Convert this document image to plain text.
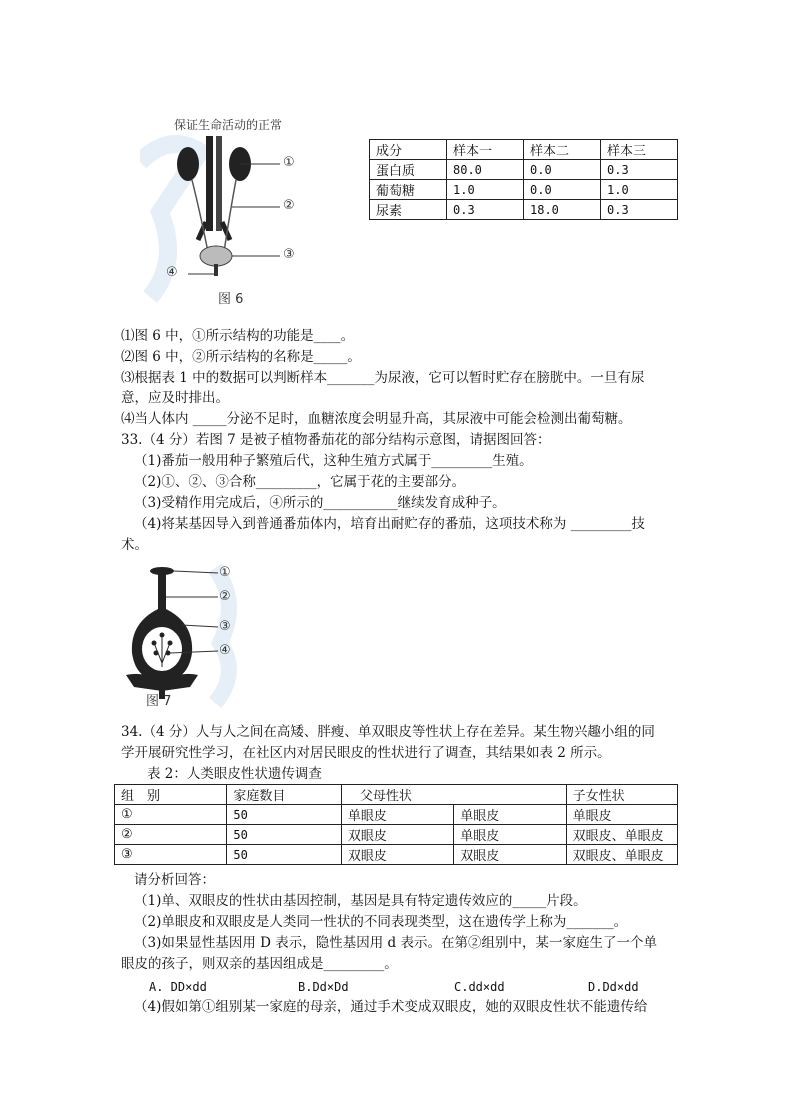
保证生命活动的正常
①
②
③
④
图 6
成分	样本一	样本二	样本三
蛋白质	80.0	0.0	0.3
葡萄糖	1.0	0.0	1.0
尿素	0.3	18.0	0.3
⑴图 6 中，①所示结构的功能是____。
⑵图 6 中，②所示结构的名称是_____。
⑶根据表 1 中的数据可以判断样本_______为尿液，它可以暂时贮存在膀胱中。一旦有尿
意，应及时排出。
⑷当人体内 _____分泌不足时，血糖浓度会明显升高，其尿液中可能会检测出葡萄糖。
33.（4 分）若图 7 是被子植物番茄花的部分结构示意图，请据图回答：
（1)番茄一般用种子繁殖后代，这种生殖方式属于_________生殖。
（2)①、②、③合称_________，它属于花的主要部分。
（3)受精作用完成后，④所示的___________继续发育成种子。
（4)将某基因导入到普通番茄体内，培育出耐贮存的番茄，这项技术称为 _________技
术。
①
②
③
④
图 7
34.（4 分）人与人之间在高矮、胖瘦、单双眼皮等性状上存在差异。某生物兴趣小组的同
学开展研究性学习，在社区内对居民眼皮的性状进行了调查，其结果如表 2 所示。
表 2：人类眼皮性状遗传调查
组　别	家庭数目	父母性状		子女性状
①	50	单眼皮	单眼皮	单眼皮
②	50	双眼皮	单眼皮	双眼皮、单眼皮
③	50	双眼皮	双眼皮	双眼皮、单眼皮
请分析回答：
（1)单、双眼皮的性状由基因控制，基因是具有特定遗传效应的_____片段。
（2)单眼皮和双眼皮是人类同一性状的不同表现类型，这在遗传学上称为_______。
（3)如果显性基因用 D 表示，隐性基因用 d 表示。在第②组别中，某一家庭生了一个单
眼皮的孩子，则双亲的基因组成是_________。
A. DD×dd	B.Dd×Dd	C.dd×dd	D.Dd×dd
（4)假如第①组别某一家庭的母亲，通过手术变成双眼皮，她的双眼皮性状不能遗传给
